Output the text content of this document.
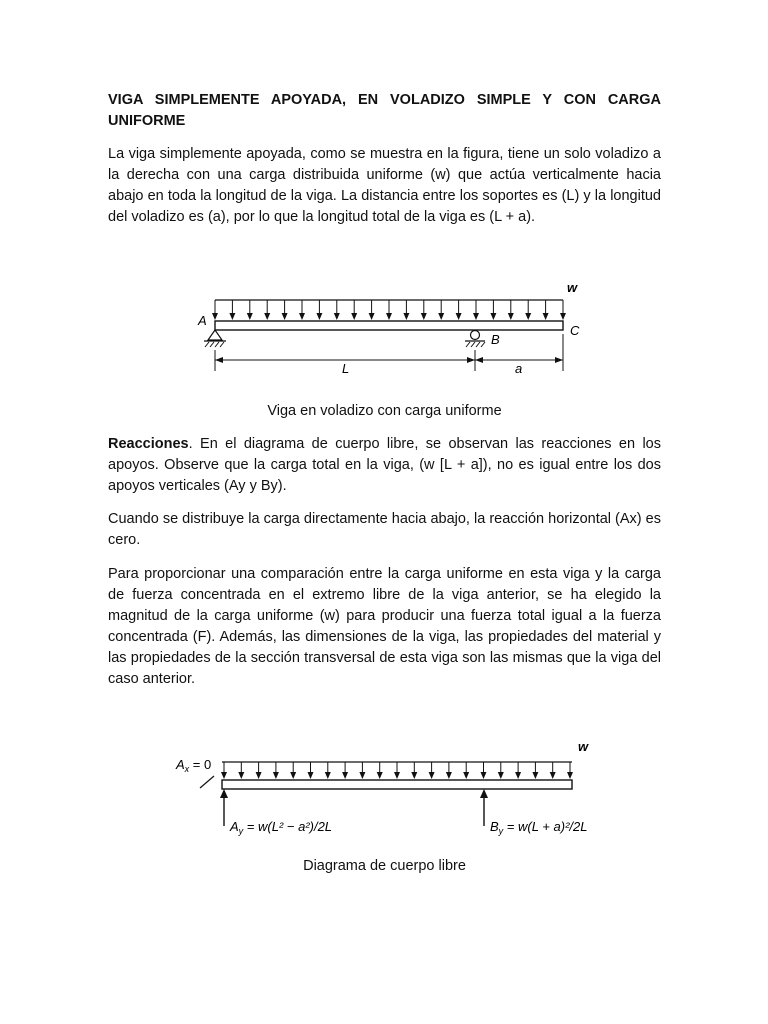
VIGA SIMPLEMENTE APOYADA, EN VOLADIZO SIMPLE Y CON CARGA UNIFORME

La viga simplemente apoyada, como se muestra en la figura, tiene un solo voladizo a la derecha con una carga distribuida uniforme (w) que actúa verticalmente hacia abajo en toda la longitud de la viga. La distancia entre los soportes es (L) y la longitud del voladizo es (a), por lo que la longitud total de la viga es (L + a).

Viga en voladizo con carga uniforme

Reacciones. En el diagrama de cuerpo libre, se observan las reacciones en los apoyos. Observe que la carga total en la viga, (w [L + a]), no es igual entre los dos apoyos verticales (Ay y By).

Cuando se distribuye la carga directamente hacia abajo, la reacción horizontal (Ax) es cero.

Para proporcionar una comparación entre la carga uniforme en esta viga y la carga de fuerza concentrada en el extremo libre de la viga anterior, se ha elegido la magnitud de la carga uniforme (w) para producir una fuerza total igual a la fuerza concentrada (F). Además, las dimensiones de la viga, las propiedades del material y las propiedades de la sección transversal de esta viga son las mismas que la viga del caso anterior.

Diagrama de cuerpo libre

w
A
B
C
L	a
w
$A_x = 0$
$A_y = w(L^2 - a^2)/2L$	$B_y = w(L + a)^2/2L$
